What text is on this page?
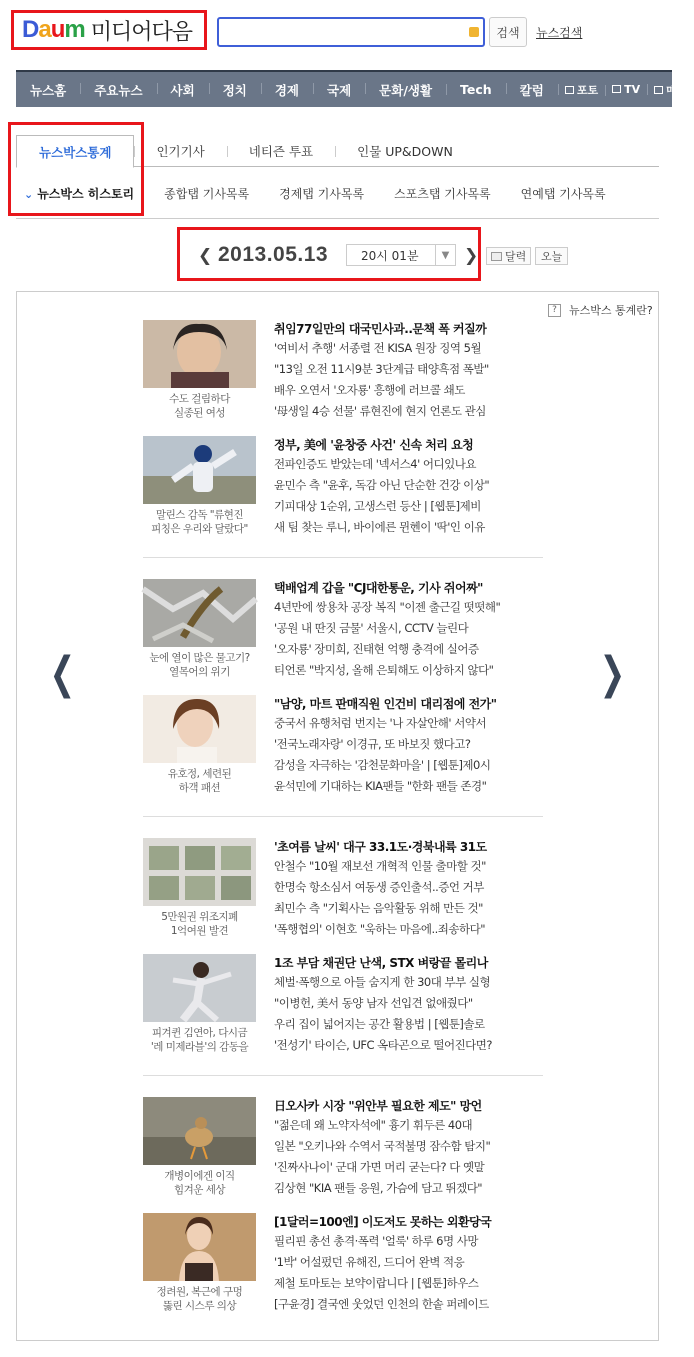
Daum 미디어다음	검색	뉴스검색
뉴스홈	주요뉴스	사회	정치	경제	국제	문화/생활	Tech	칼럼	포토	TV	매거
뉴스박스통계	인기기사	네티즌 투표	인물 UP&DOWN
⌄ 뉴스박스 히스토리	종합탭 기사목록	경제탭 기사목록	스포츠탭 기사목록	연예탭 기사목록
❮ 2013.05.13	20시 01분	▼ ❯ 달력	오늘
?	뉴스박스 통계란?
❮	❯
수도 걸림하다
실종된 여성
취임77일만의 대국민사과..문책 폭 커질까
'여비서 추행' 서종렬 전 KISA 원장 징역 5월
"13일 오전 11시9분 3단계급 태양흑점 폭발"
배우 오연서 '오자룡' 흥행에 러브콜 쇄도
'母생일 4승 선물' 류현진에 현지 언론도 관심
말린스 감독 "류현진
피칭은 우리와 달랐다"
정부, 美에 '윤창중 사건' 신속 처리 요청
전파인증도 받았는데 '넥서스4' 어디있나요
윤민수 측 "윤후, 독감 아닌 단순한 건강 이상"
기피대상 1순위, 고생스런 등산 | [웹툰]제비
새 팀 찾는 루니, 바이에른 뮌헨이 '딱'인 이유
눈에 열이 많은 물고기?
열목어의 위기
택배업계 갑을 "CJ대한통운, 기사 쥐어짜"
4년만에 쌍용차 공장 복직 "이젠 출근길 떳떳해"
'공원 내 딴짓 금물' 서울시, CCTV 늘린다
'오자룡' 장미희, 진태현 억행 충격에 실어증
티언론 "박지성, 올해 은퇴해도 이상하지 않다"
유호정, 세련된
하객 패션
"남양, 마트 판매직원 인건비 대리점에 전가"
중국서 유행처럼 번지는 '나 자살안해' 서약서
'전국노래자랑' 이경규, 또 바보짓 했다고?
감성을 자극하는 '감천문화마을' | [웹툰]제0시
윤석민에 기대하는 KIA팬들 "한화 팬들 존경"
5만원권 위조지폐
1억여원 발견
'초여름 날씨' 대구 33.1도·경북내륙 31도
안철수 "10월 재보선 개혁적 인물 출마할 것"
한명숙 항소심서 여동생 증인출석..증언 거부
최민수 측 "기획사는 음악활동 위해 만든 것"
'폭행협의' 이현호 "욱하는 마음에..죄송하다"
피겨퀸 김연아, 다시금
'레 미제라블'의 감동을
1조 부담 채권단 난색, STX 벼랑끝 몰리나
체벌·폭행으로 아들 숨지게 한 30대 부부 실형
"이병헌, 美서 동양 남자 선입견 없애줬다"
우리 집이 넓어지는 공간 활용법 | [웹툰]솔로
'전성기' 타이슨, UFC 옥타곤으로 떨어진다면?
개병이에겐 이직
힘겨운 세상
日오사카 시장 "위안부 필요한 제도" 망언
"젊은데 왜 노약자석에" 흉기 휘두른 40대
일본 "오키나와 수역서 국적불명 잠수함 탐지"
'진짜사나이' 군대 가면 머리 굳는다? 다 옛말
김상현 "KIA 팬들 응원, 가슴에 담고 뛰겠다"
정려원, 복근에 구멍
뚫린 시스루 의상
[1달러=100엔] 이도저도 못하는 외환당국
필리핀 총선 총격·폭력 '얼룩' 하루 6명 사망
'1박' 어설펐던 유해진, 드디어 완벽 적응
제철 토마토는 보약이랍니다 | [웹툰]하우스
[구윤경] 결국엔 웃었던 인천의 한솥 퍼레이드
